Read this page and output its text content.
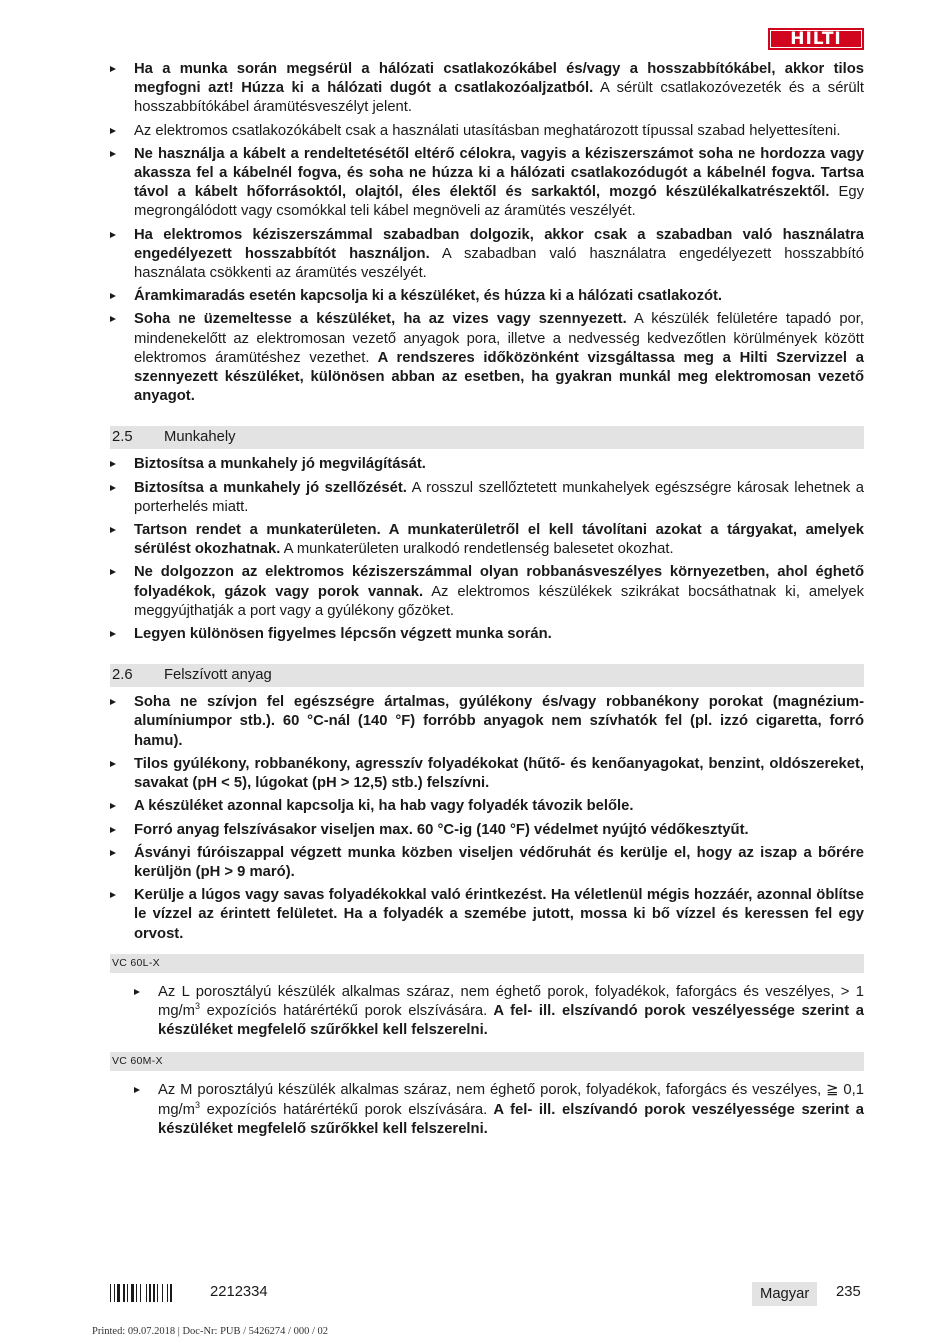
HILTI
Ha a munka során megsérül a hálózati csatlakozókábel és/vagy a hosszabbítókábel, akkor tilos megfogni azt! Húzza ki a hálózati dugót a csatlakozóaljzatból. A sérült csatlakozóvezeték és a sérült hosszabbítókábel áramütésveszélyt jelent.
Az elektromos csatlakozókábelt csak a használati utasításban meghatározott típussal szabad helyettesíteni.
Ne használja a kábelt a rendeltetésétől eltérő célokra, vagyis a kéziszerszámot soha ne hordozza vagy akassza fel a kábelnél fogva, és soha ne húzza ki a hálózati csatlakozódugót a kábelnél fogva. Tartsa távol a kábelt hőforrásoktól, olajtól, éles élektől és sarkaktól, mozgó készülékalkatrészektől. Egy megrongálódott vagy csomókkal teli kábel megnöveli az áramütés veszélyét.
Ha elektromos kéziszerszámmal szabadban dolgozik, akkor csak a szabadban való használatra engedélyezett hosszabbítót használjon. A szabadban való használatra engedélyezett hosszabbító használata csökkenti az áramütés veszélyét.
Áramkimaradás esetén kapcsolja ki a készüléket, és húzza ki a hálózati csatlakozót.
Soha ne üzemeltesse a készüléket, ha az vizes vagy szennyezett. A készülék felületére tapadó por, mindenekelőtt az elektromosan vezető anyagok pora, illetve a nedvesség kedvezőtlen körülmények között elektromos áramütéshez vezethet. A rendszeres időközönként vizsgáltassa meg a Hilti Szervizzel a szennyezett készüléket, különösen abban az esetben, ha gyakran munkál meg elektromosan vezető anyagot.
2.5 Munkahely
Biztosítsa a munkahely jó megvilágítását.
Biztosítsa a munkahely jó szellőzését. A rosszul szellőztetett munkahelyek egészségre károsak lehetnek a porterhelés miatt.
Tartson rendet a munkaterületen. A munkaterületről el kell távolítani azokat a tárgyakat, amelyek sérülést okozhatnak. A munkaterületen uralkodó rendetlenség balesetet okozhat.
Ne dolgozzon az elektromos kéziszerszámmal olyan robbanásveszélyes környezetben, ahol éghető folyadékok, gázok vagy porok vannak. Az elektromos készülékek szikrákat bocsáthatnak ki, amelyek meggyújthatják a port vagy a gyúlékony gőzöket.
Legyen különösen figyelmes lépcsőn végzett munka során.
2.6 Felszívott anyag
Soha ne szívjon fel egészségre ártalmas, gyúlékony és/vagy robbanékony porokat (magnézium-alumíniumpor stb.). 60 °C-nál (140 °F) forróbb anyagok nem szívhatók fel (pl. izzó cigaretta, forró hamu).
Tilos gyúlékony, robbanékony, agresszív folyadékokat (hűtő- és kenőanyagokat, benzint, oldószereket, savakat (pH < 5), lúgokat (pH > 12,5) stb.) felszívni.
A készüléket azonnal kapcsolja ki, ha hab vagy folyadék távozik belőle.
Forró anyag felszívásakor viseljen max. 60 °C-ig (140 °F) védelmet nyújtó védőkesztyűt.
Ásványi fúróiszappal végzett munka közben viseljen védőruhát és kerülje el, hogy az iszap a bőrére kerüljön (pH > 9 maró).
Kerülje a lúgos vagy savas folyadékokkal való érintkezést. Ha véletlenül mégis hozzáér, azonnal öblítse le vízzel az érintett felületet. Ha a folyadék a szemébe jutott, mossa ki bő vízzel és keressen fel egy orvost.
VC 60L-X
Az L porosztályú készülék alkalmas száraz, nem éghető porok, folyadékok, faforgács és veszélyes, > 1 $mg/m^3$ expozíciós határértékű porok elszívására. A fel- ill. elszívandó porok veszélyessége szerint a készüléket megfelelő szűrőkkel kell felszerelni.
VC 60M-X
Az M porosztályú készülék alkalmas száraz, nem éghető porok, folyadékok, faforgács és veszélyes, ≧ 0,1 $mg/m^3$ expozíciós határértékű porok elszívására. A fel- ill. elszívandó porok veszélyessége szerint a készüléket megfelelő szűrőkkel kell felszerelni.
2212334	Magyar	235
Printed: 09.07.2018 | Doc-Nr: PUB / 5426274 / 000 / 02
